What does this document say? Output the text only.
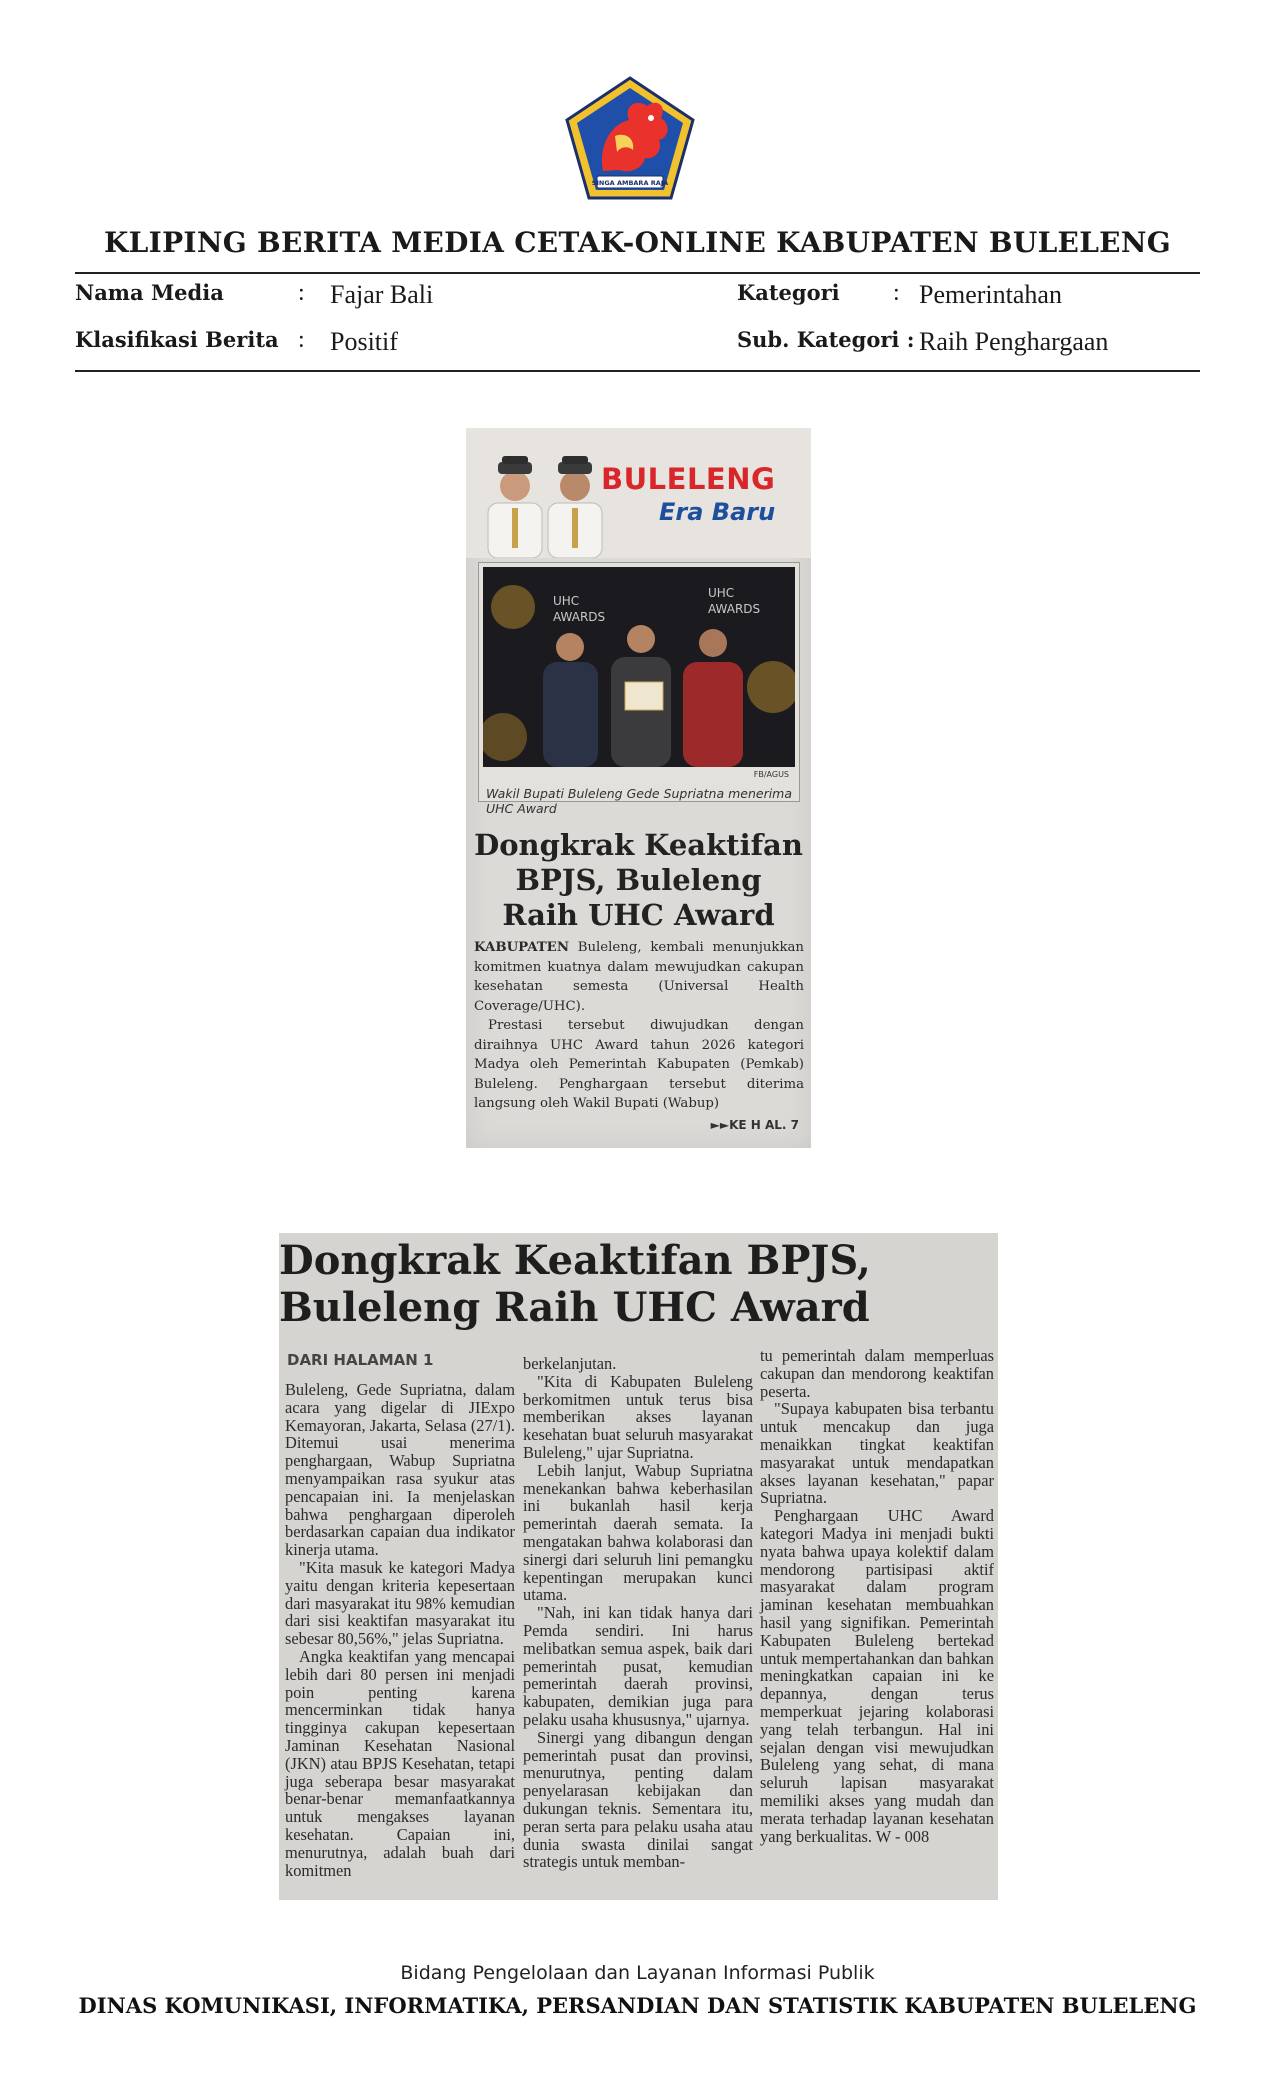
SINGA AMBARA RAJA
KLIPING BERITA MEDIA CETAK-ONLINE KABUPATEN BULELENG
Nama Media	: Fajar Bali
Klasifikasi Berita : Positif
Kategori : Pemerintahan
Sub. Kategori : Raih Penghargaan
BULELENG
Era Baru
UHC
AWARDS
UHC
AWARDS
FB/AGUS
Wakil Bupati Buleleng Gede Supriatna menerima UHC Award
Dongkrak Keaktifan
BPJS, Buleleng
Raih UHC Award

KABUPATEN Buleleng, kembali menunjukkan komitmen kuatnya dalam mewujudkan cakupan kesehatan semesta (Universal Health Coverage/UHC).

Prestasi tersebut diwujudkan dengan diraihnya UHC Award tahun 2026 kategori Madya oleh Pemerintah Kabupaten (Pemkab) Buleleng. Penghargaan tersebut diterima langsung oleh Wakil Bupati (Wabup)

►►KE H AL. 7
Dongkrak Keaktifan BPJS,
Buleleng Raih UHC Award
DARI HALAMAN 1

Buleleng, Gede Supriatna, dalam acara yang digelar di JIExpo Kemayoran, Jakarta, Selasa (27/1). Ditemui usai menerima penghargaan, Wabup Supriatna menyampaikan rasa syukur atas pencapaian ini. Ia menjelaskan bahwa penghargaan diperoleh berdasarkan capaian dua indikator kinerja utama.

"Kita masuk ke kategori Madya yaitu dengan kriteria kepesertaan dari masyarakat itu 98% kemudian dari sisi keaktifan masyarakat itu sebesar 80,56%," jelas Supriatna.

Angka keaktifan yang mencapai lebih dari 80 persen ini menjadi poin penting karena mencerminkan tidak hanya tingginya cakupan kepesertaan Jaminan Kesehatan Nasional (JKN) atau BPJS Kesehatan, tetapi juga seberapa besar masyarakat benar-benar memanfaatkannya untuk mengakses layanan kesehatan. Capaian ini, menurutnya, adalah buah dari komitmen

berkelanjutan.

"Kita di Kabupaten Buleleng berkomitmen untuk terus bisa memberikan akses layanan kesehatan buat seluruh masyarakat Buleleng," ujar Supriatna.

Lebih lanjut, Wabup Supriatna menekankan bahwa keberhasilan ini bukanlah hasil kerja pemerintah daerah semata. Ia mengatakan bahwa kolaborasi dan sinergi dari seluruh lini pemangku kepentingan merupakan kunci utama.

"Nah, ini kan tidak hanya dari Pemda sendiri. Ini harus melibatkan semua aspek, baik dari pemerintah pusat, kemudian pemerintah daerah provinsi, kabupaten, demikian juga para pelaku usaha khususnya," ujarnya.

Sinergi yang dibangun dengan pemerintah pusat dan provinsi, menurutnya, penting dalam penyelarasan kebijakan dan dukungan teknis. Sementara itu, peran serta para pelaku usaha atau dunia swasta dinilai sangat strategis untuk memban-

tu pemerintah dalam memperluas cakupan dan mendorong keaktifan peserta.

"Supaya kabupaten bisa terbantu untuk mencakup dan juga menaikkan tingkat keaktifan masyarakat untuk mendapatkan akses layanan kesehatan," papar Supriatna.

Penghargaan UHC Award kategori Madya ini menjadi bukti nyata bahwa upaya kolektif dalam mendorong partisipasi aktif masyarakat dalam program jaminan kesehatan membuahkan hasil yang signifikan. Pemerintah Kabupaten Buleleng bertekad untuk mempertahankan dan bahkan meningkatkan capaian ini ke depannya, dengan terus memperkuat jejaring kolaborasi yang telah terbangun. Hal ini sejalan dengan visi mewujudkan Buleleng yang sehat, di mana seluruh lapisan masyarakat memiliki akses yang mudah dan merata terhadap layanan kesehatan yang berkualitas. W - 008

Bidang Pengelolaan dan Layanan Informasi Publik
DINAS KOMUNIKASI, INFORMATIKA, PERSANDIAN DAN STATISTIK KABUPATEN BULELENG
